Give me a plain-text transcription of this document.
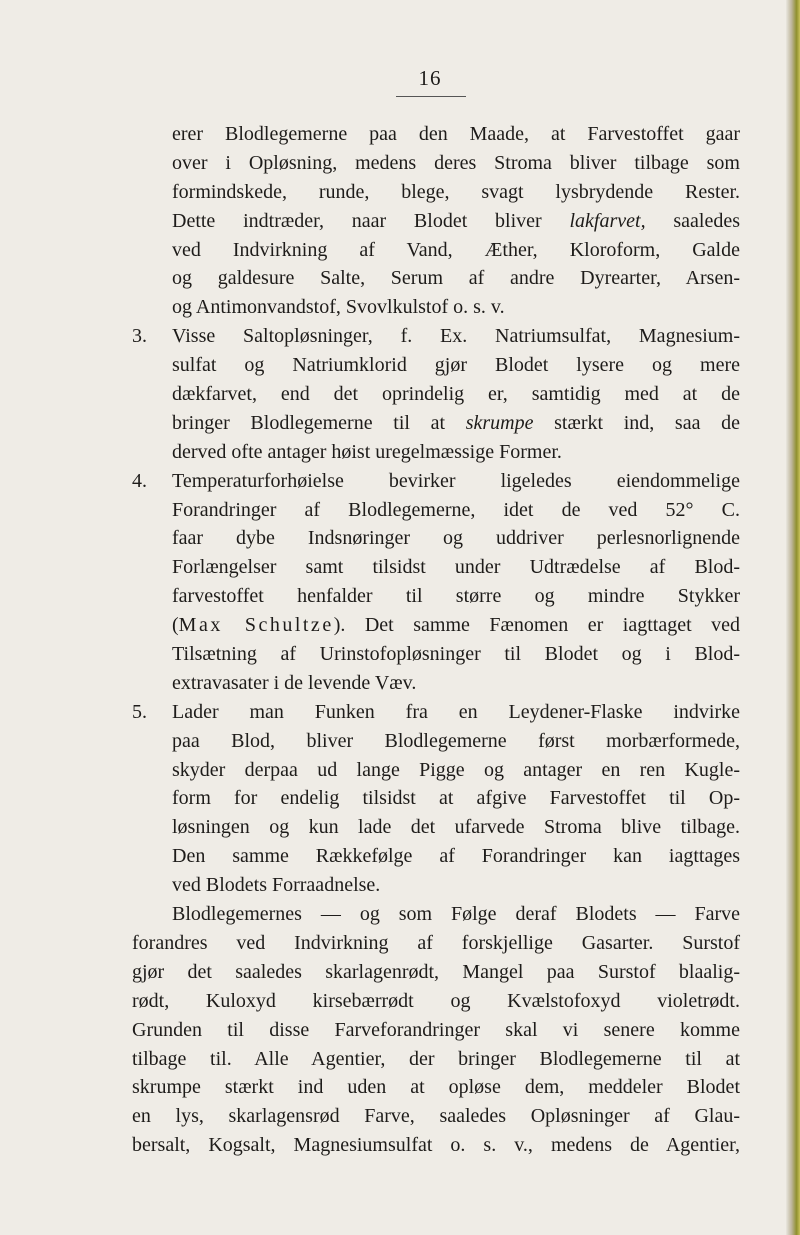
16
erer Blodlegemerne paa den Maade, at Farvestoffet gaar
over i Opløsning, medens deres Stroma bliver tilbage som
formindskede, runde, blege, svagt lysbrydende Rester.
Dette indtræder, naar Blodet bliver lakfarvet, saaledes
ved Indvirkning af Vand, Æther, Kloroform, Galde
og galdesure Salte, Serum af andre Dyrearter, Arsen-
og Antimonvandstof, Svovlkulstof o. s. v.
3. Visse Saltopløsninger, f. Ex. Natriumsulfat, Magnesium-
sulfat og Natriumklorid gjør Blodet lysere og mere
dækfarvet, end det oprindelig er, samtidig med at de
bringer Blodlegemerne til at skrumpe stærkt ind, saa de
derved ofte antager høist uregelmæssige Former.
4. Temperaturforhøielse bevirker ligeledes eiendommelige
Forandringer af Blodlegemerne, idet de ved 52° C.
faar dybe Indsnøringer og uddriver perlesnorlignende
Forlængelser samt tilsidst under Udtrædelse af Blod-
farvestoffet henfalder til større og mindre Stykker
(Max Schultze). Det samme Fænomen er iagttaget ved
Tilsætning af Urinstofopløsninger til Blodet og i Blod-
extravasater i de levende Væv.
5. Lader man Funken fra en Leydener-Flaske indvirke
paa Blod, bliver Blodlegemerne først morbærformede,
skyder derpaa ud lange Pigge og antager en ren Kugle-
form for endelig tilsidst at afgive Farvestoffet til Op-
løsningen og kun lade det ufarvede Stroma blive tilbage.
Den samme Rækkefølge af Forandringer kan iagttages
ved Blodets Forraadnelse.
Blodlegemernes — og som Følge deraf Blodets — Farve
forandres ved Indvirkning af forskjellige Gasarter. Surstof
gjør det saaledes skarlagenrødt, Mangel paa Surstof blaalig-
rødt, Kuloxyd kirsebærrødt og Kvælstofoxyd violetrødt.
Grunden til disse Farveforandringer skal vi senere komme
tilbage til. Alle Agentier, der bringer Blodlegemerne til at
skrumpe stærkt ind uden at opløse dem, meddeler Blodet
en lys, skarlagensrød Farve, saaledes Opløsninger af Glau-
bersalt, Kogsalt, Magnesiumsulfat o. s. v., medens de Agentier,
